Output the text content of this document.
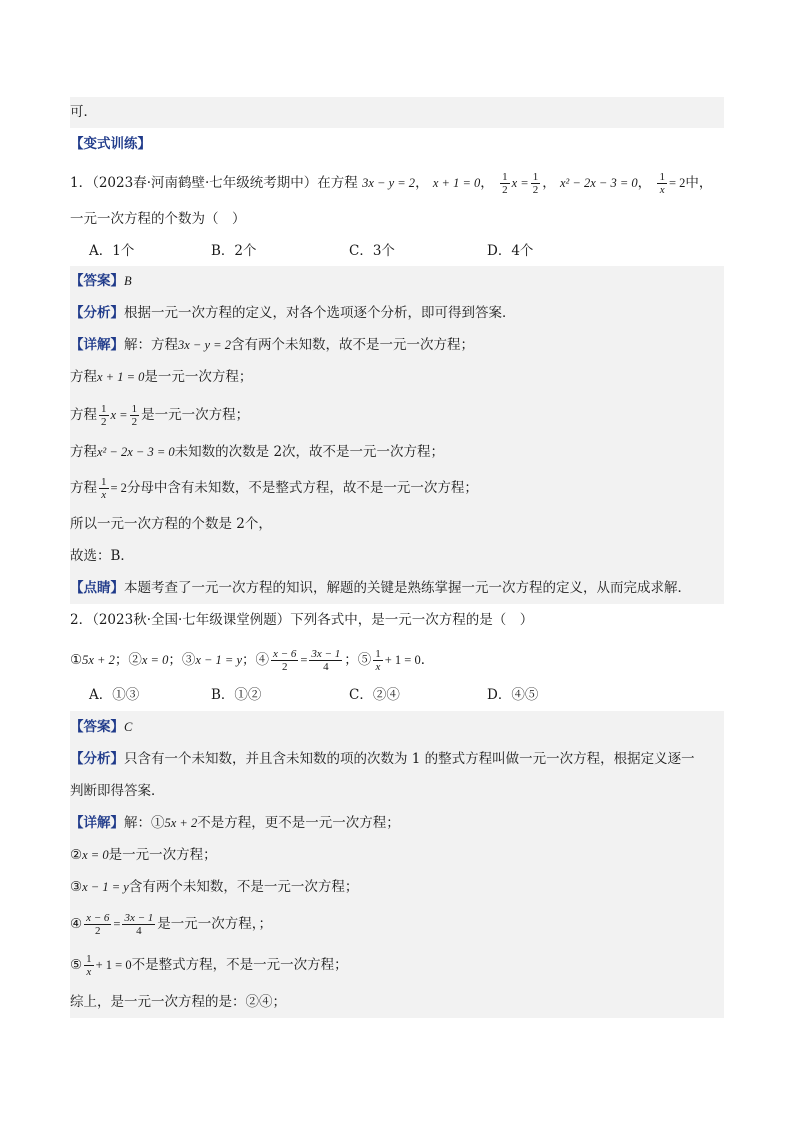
可．
【变式训练】
1．（2023春·河南鹤壁·七年级统考期中）在方程 3x − y = 2， x + 1 = 0， $\frac{1}{2}$ $x = \frac{1}{2}$ ， x² − 2x − 3 = 0， $\frac{1}{x} = 2$中，
一元一次方程的个数为（　）
A．1个	B．2个	C．3个	D．4个
【答案】B
【分析】根据一元一次方程的定义，对各个选项逐个分析，即可得到答案．
【详解】解：方程3x − y = 2含有两个未知数，故不是一元一次方程；
方程x + 1 = 0是一元一次方程；
方程 $\frac{1}{2}$ $x = \frac{1}{2}$ 是一元一次方程；
方程x² − 2x − 3 = 0未知数的次数是 2次，故不是一元一次方程；
方程 $\frac{1}{x} = 2$分母中含有未知数，不是整式方程，故不是一元一次方程；
所以一元一次方程的个数是 2个，
故选：B．
【点睛】本题考查了一元一次方程的知识，解题的关键是熟练掌握一元一次方程的定义，从而完成求解．
2．（2023秋·全国·七年级课堂例题）下列各式中，是一元一次方程的是（　）
①5x + 2；②x = 0；③x − 1 = y；④ $\frac{x - 6}{2} = \frac{3x - 1}{4}$ ；⑤ $\frac{1}{x} + 1 = 0$．
A．①③	B．①②	C．②④	D．④⑤
【答案】C
【分析】只含有一个未知数，并且含未知数的项的次数为 1 的整式方程叫做一元一次方程，根据定义逐一
判断即得答案．
【详解】解：①5x + 2不是方程，更不是一元一次方程；
②x = 0是一元一次方程；
③x − 1 = y含有两个未知数，不是一元一次方程；
④ $\frac{x - 6}{2} = \frac{3x - 1}{4}$ 是一元一次方程，；
⑤ $\frac{1}{x} + 1 = 0$不是整式方程，不是一元一次方程；
综上，是一元一次方程的是：②④；
